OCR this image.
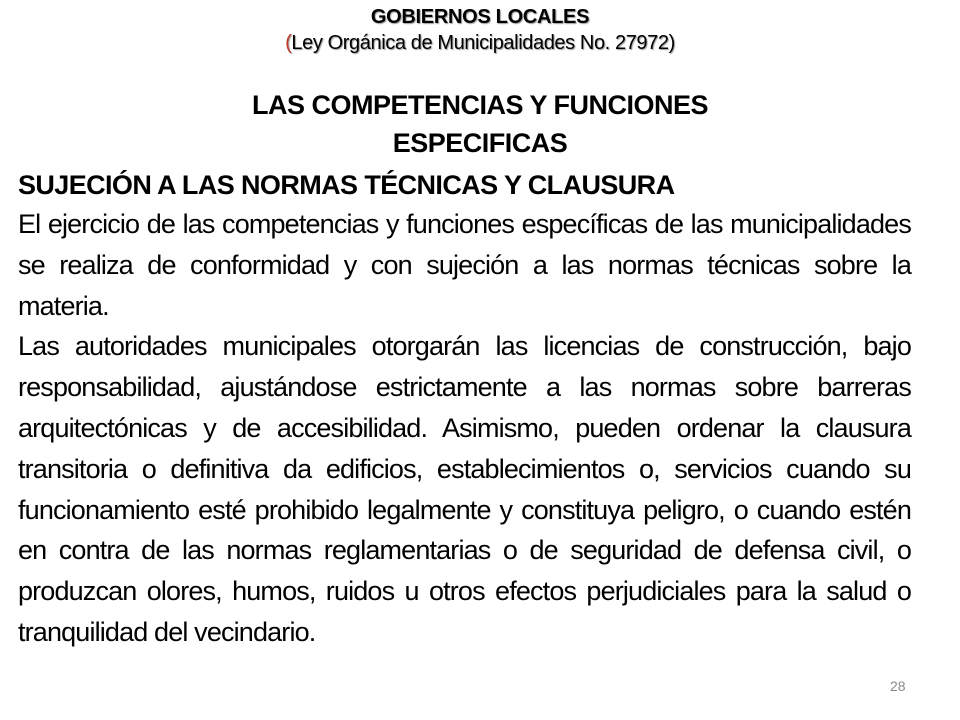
GOBIERNOS LOCALES
(Ley Orgánica de Municipalidades No. 27972)
LAS COMPETENCIAS Y FUNCIONES
ESPECIFICAS
SUJECIÓN A LAS NORMAS TÉCNICAS Y CLAUSURA

El ejercicio de las competencias y funciones específicas de las municipalidades se realiza de conformidad y con sujeción a las normas técnicas sobre la materia.

Las autoridades municipales otorgarán las licencias de construcción, bajo responsabilidad, ajustándose estrictamente a las normas sobre barreras arquitectónicas y de accesibilidad. Asimismo, pueden ordenar la clausura transitoria o definitiva da edificios, establecimientos o, servicios cuando su funcionamiento esté prohibido legalmente y constituya peligro, o cuando estén en contra de las normas reglamentarias o de seguridad de defensa civil, o produzcan olores, humos, ruidos u otros efectos perjudiciales para la salud o tranquilidad del vecindario.

28
